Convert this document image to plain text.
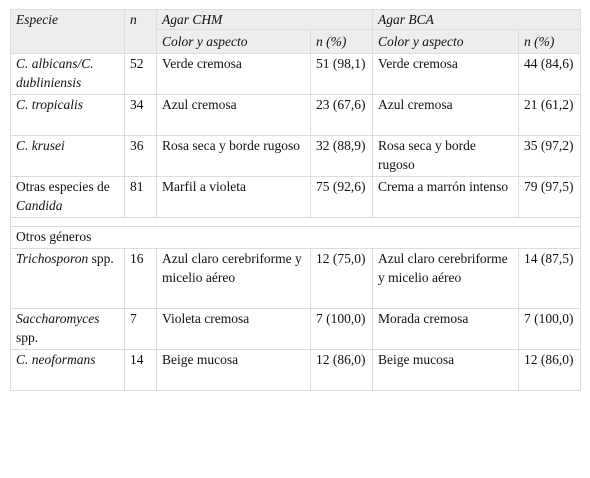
Especie	n	Agar CHM		Agar BCA	
		Color y aspecto	n (%)	Color y aspecto	n (%)
C. albicans/C. dubliniensis	52	Verde cremosa	51 (98,1)	Verde cremosa	44 (84,6)
C. tropicalis	34	Azul cremosa	23 (67,6)	Azul cremosa	21 (61,2)
C. krusei	36	Rosa seca y borde rugoso	32 (88,9)	Rosa seca y borde rugoso	35 (97,2)
Otras especies de Candida	81	Marfil a violeta	75 (92,6)	Crema a marrón intenso	79 (97,5)

Otros géneros					
Trichosporon spp.	16	Azul claro cerebriforme y micelio aéreo	12 (75,0)	Azul claro cerebriforme y micelio aéreo	14 (87,5)
Saccharomyces spp.	7	Violeta cremosa	7 (100,0)	Morada cremosa	7 (100,0)
C. neoformans	14	Beige mucosa	12 (86,0)	Beige mucosa	12 (86,0)
